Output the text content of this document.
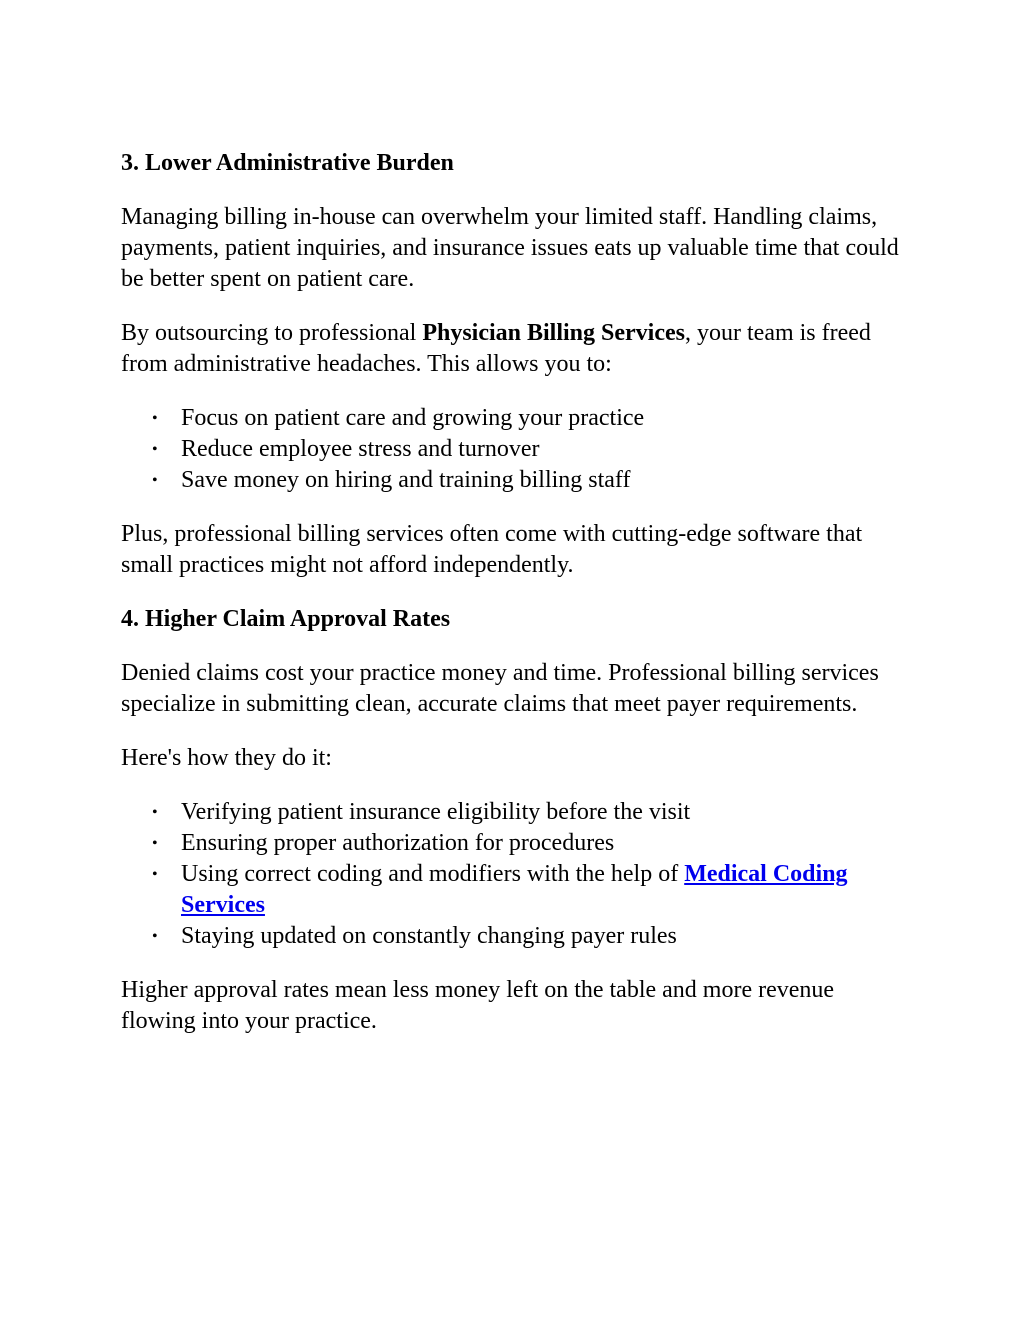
3. Lower Administrative Burden

Managing billing in-house can overwhelm your limited staff. Handling claims, payments, patient inquiries, and insurance issues eats up valuable time that could be better spent on patient care.

By outsourcing to professional Physician Billing Services, your team is freed from administrative headaches. This allows you to:

• Focus on patient care and growing your practice
• Reduce employee stress and turnover
• Save money on hiring and training billing staff

Plus, professional billing services often come with cutting-edge software that small practices might not afford independently.

4. Higher Claim Approval Rates

Denied claims cost your practice money and time. Professional billing services specialize in submitting clean, accurate claims that meet payer requirements.

Here's how they do it:

• Verifying patient insurance eligibility before the visit
• Ensuring proper authorization for procedures
• Using correct coding and modifiers with the help of Medical Coding Services
• Staying updated on constantly changing payer rules

Higher approval rates mean less money left on the table and more revenue flowing into your practice.
